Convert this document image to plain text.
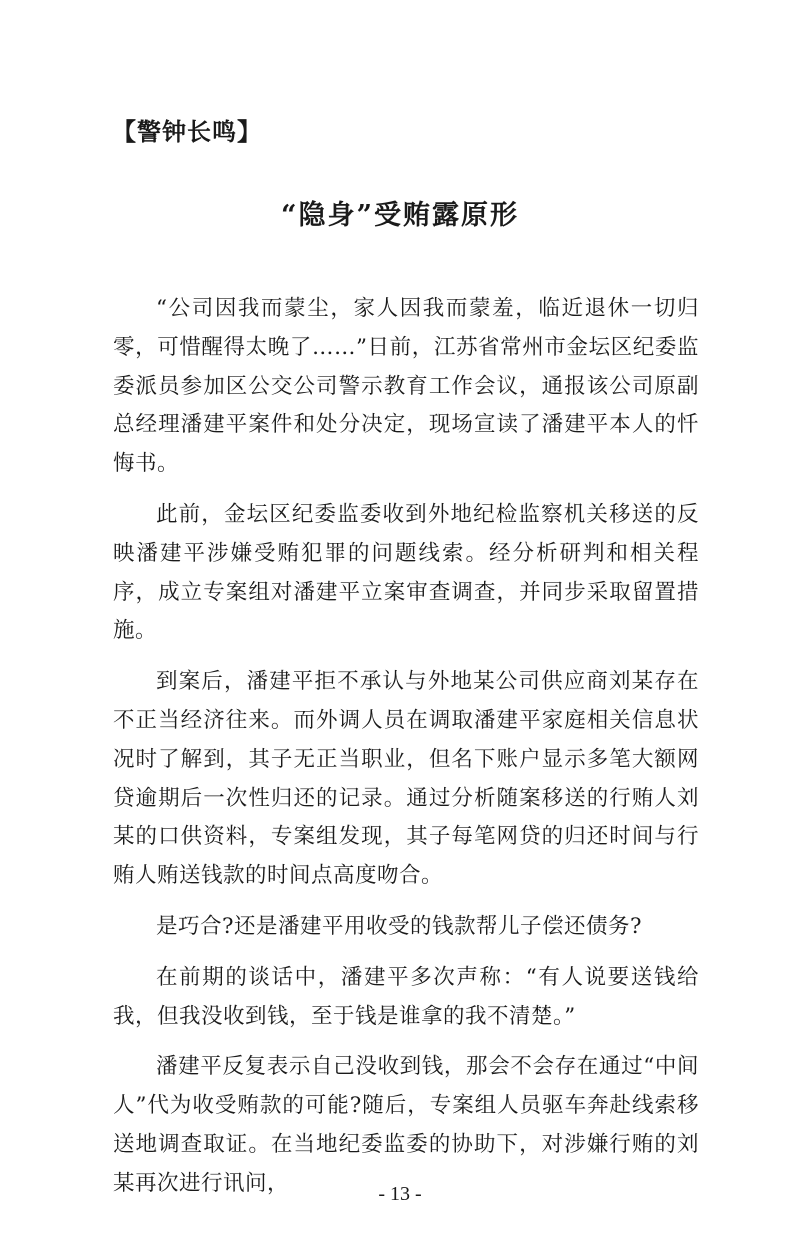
【警钟长鸣】
“隐身”受贿露原形

“公司因我而蒙尘，家人因我而蒙羞，临近退休一切归零，可惜醒得太晚了……”日前，江苏省常州市金坛区纪委监委派员参加区公交公司警示教育工作会议，通报该公司原副总经理潘建平案件和处分决定，现场宣读了潘建平本人的忏悔书。

此前，金坛区纪委监委收到外地纪检监察机关移送的反映潘建平涉嫌受贿犯罪的问题线索。经分析研判和相关程序，成立专案组对潘建平立案审查调查，并同步采取留置措施。

到案后，潘建平拒不承认与外地某公司供应商刘某存在不正当经济往来。而外调人员在调取潘建平家庭相关信息状况时了解到，其子无正当职业，但名下账户显示多笔大额网贷逾期后一次性归还的记录。通过分析随案移送的行贿人刘某的口供资料，专案组发现，其子每笔网贷的归还时间与行贿人贿送钱款的时间点高度吻合。

是巧合?还是潘建平用收受的钱款帮儿子偿还债务?

在前期的谈话中，潘建平多次声称：“有人说要送钱给我，但我没收到钱，至于钱是谁拿的我不清楚。”

潘建平反复表示自己没收到钱，那会不会存在通过“中间人”代为收受贿款的可能?随后，专案组人员驱车奔赴线索移送地调查取证。在当地纪委监委的协助下，对涉嫌行贿的刘某再次进行讯问，	- 13 -
